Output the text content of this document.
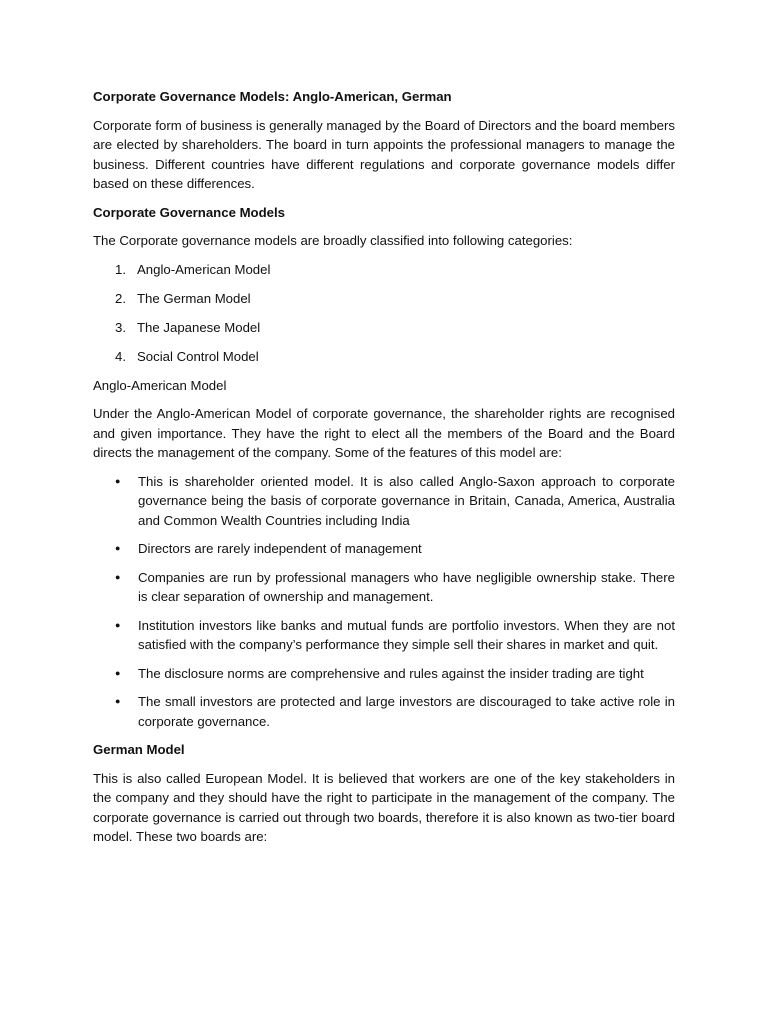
Corporate Governance Models: Anglo-American, German

Corporate form of business is generally managed by the Board of Directors and the board members are elected by shareholders. The board in turn appoints the professional managers to manage the business. Different countries have different regulations and corporate governance models differ based on these differences.

Corporate Governance Models

The Corporate governance models are broadly classified into following categories:

1. Anglo-American Model
2. The German Model
3. The Japanese Model
4. Social Control Model
Anglo-American Model

Under the Anglo-American Model of corporate governance, the shareholder rights are recognised and given importance. They have the right to elect all the members of the Board and the Board directs the management of the company. Some of the features of this model are:

●	This is shareholder oriented model. It is also called Anglo-Saxon approach to corporate governance being the basis of corporate governance in Britain, Canada, America, Australia and Common Wealth Countries including India
●	Directors are rarely independent of management
●	Companies are run by professional managers who have negligible ownership stake. There is clear separation of ownership and management.
●	Institution investors like banks and mutual funds are portfolio investors. When they are not satisfied with the company’s performance they simple sell their shares in market and quit.
●	The disclosure norms are comprehensive and rules against the insider trading are tight
●	The small investors are protected and large investors are discouraged to take active role in corporate governance.
German Model

This is also called European Model. It is believed that workers are one of the key stakeholders in the company and they should have the right to participate in the management of the company. The corporate governance is carried out through two boards, therefore it is also known as two-tier board model. These two boards are:
